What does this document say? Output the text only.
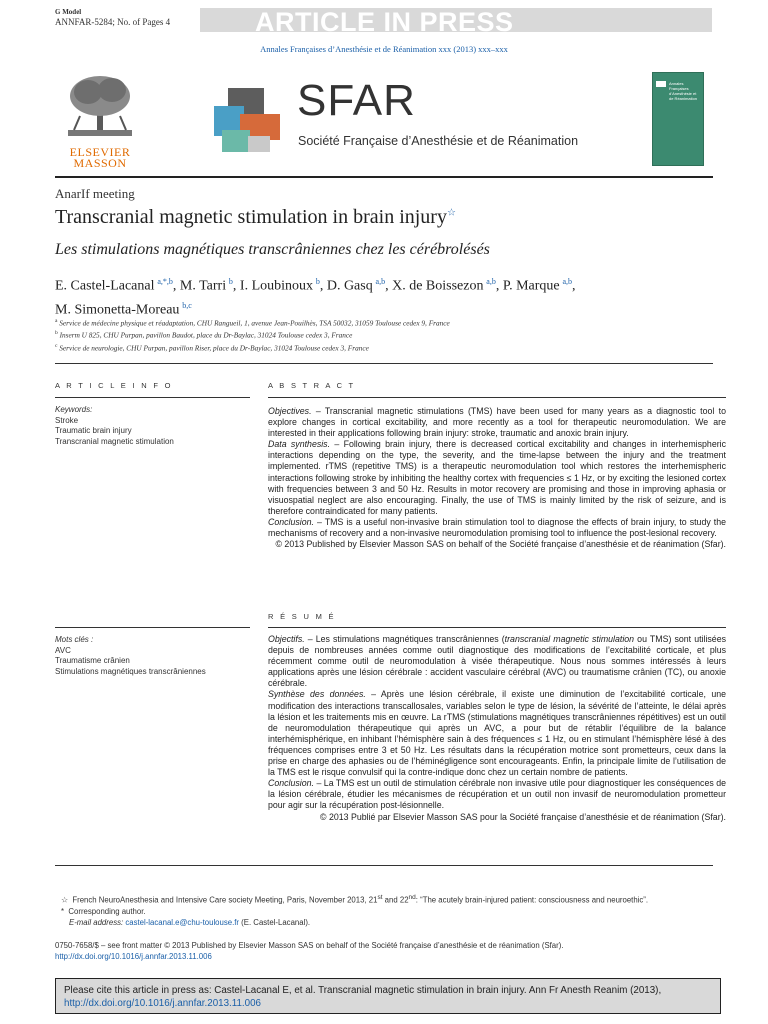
G Model
ANNFAR-5284; No. of Pages 4	ARTICLE IN PRESS
Annales Françaises d’Anesthésie et de Réanimation xxx (2013) xxx–xxx
ELSEVIER
MASSON
SFAR
Société Française d’Anesthésie et de Réanimation
Annales Françaises d’Anesthésie et de Réanimation
AnarIf meeting
Transcranial magnetic stimulation in brain injury☆
Les stimulations magnétiques transcrâniennes chez les cérébrolésés
E. Castel-Lacanal  $^{a,*,b}$, M. Tarri  $^b$, I. Loubinoux  $^b$, D. Gasq  $^{a,b}$, X. de Boissezon  $^{a,b}$, P. Marque  $^{a,b}$,
M. Simonetta-Moreau  $^{b,c}$
$^a$ Service de médecine physique et réadaptation, CHU Rangueil, 1, avenue Jean-Pouilhès, TSA 50032, 31059 Toulouse cedex 9, France
$^b$ Inserm U 825, CHU Purpan, pavillon Baudot, place du Dr-Baylac, 31024 Toulouse cedex 3, France
$^c$ Service de neurologie, CHU Purpan, pavillon Riser, place du Dr-Baylac, 31024 Toulouse cedex 3, France
A R T I C L E I N F O
Keywords:
Stroke
Traumatic brain injury
Transcranial magnetic stimulation
Mots clés :
AVC
Traumatisme crânien
Stimulations magnétiques transcrâniennes
A B S T R A C T

Objectives. – Transcranial magnetic stimulations (TMS) have been used for many years as a diagnostic tool to explore changes in cortical excitability, and more recently as a tool for therapeutic neuromodulation. We are interested in their applications following brain injury: stroke, traumatic and anoxic brain injury.

Data synthesis. – Following brain injury, there is decreased cortical excitability and changes in interhemispheric interactions depending on the type, the severity, and the time-lapse between the injury and the treatment implemented. rTMS (repetitive TMS) is a therapeutic neuromodulation tool which restores the interhemispheric interactions following stroke by inhibiting the healthy cortex with frequencies ≤ 1 Hz, or by exciting the lesioned cortex with frequencies between 3 and 50 Hz. Results in motor recovery are promising and those in improving aphasia or visuospatial neglect are also encouraging. Finally, the use of TMS is mainly limited by the risk of seizure, and is therefore contraindicated for many patients.

Conclusion. – TMS is a useful non-invasive brain stimulation tool to diagnose the effects of brain injury, to study the mechanisms of recovery and a non-invasive neuromodulation promising tool to influence the post-lesional recovery.

© 2013 Published by Elsevier Masson SAS on behalf of the Société française d’anesthésie et de réanimation (Sfar).

R É S U M É

Objectifs. – Les stimulations magnétiques transcrâniennes (transcranial magnetic stimulation ou TMS) sont utilisées depuis de nombreuses années comme outil diagnostique des modifications de l’excitabilité corticale, et plus récemment comme outil de neuromodulation à visée thérapeutique. Nous nous sommes intéressés à leurs applications après une lésion cérébrale : accident vasculaire cérébral (AVC) ou traumatisme crânien (TC), ou anoxie cérébrale.

Synthèse des données. – Après une lésion cérébrale, il existe une diminution de l’excitabilité corticale, une modification des interactions transcallosales, variables selon le type de lésion, la sévérité de l’atteinte, le délai après la lésion et les traitements mis en œuvre. La rTMS (stimulations magnétiques transcrâniennes répétitives) est un outil de neuromodulation thérapeutique qui après un AVC, a pour but de rétablir l’équilibre de la balance interhémisphérique, en inhibant l’hémisphère sain à des fréquences ≤ 1 Hz, ou en stimulant l’hémisphère lésé à des fréquences comprises entre 3 et 50 Hz. Les résultats dans la récupération motrice sont prometteurs, ceux dans la prise en charge des aphasies ou de l’héminégligence sont encourageants. Enfin, la principale limite de l’utilisation de la TMS est le risque convulsif qui la contre-indique donc chez un certain nombre de patients.

Conclusion. – La TMS est un outil de stimulation cérébrale non invasive utile pour diagnostiquer les conséquences de la lésion cérébrale, étudier les mécanismes de récupération et un outil non invasif de neuromodulation prometteur pour agir sur la récupération post-lésionnelle.

© 2013 Publié par Elsevier Masson SAS pour la Société française d’anesthésie et de réanimation (Sfar).

☆ French NeuroAnesthesia and Intensive Care society Meeting, Paris, November 2013, 21st and 22nd: “The acutely brain-injured patient: consciousness and neuroethic”.
* Corresponding author.
E-mail address: castel-lacanal.e@chu-toulouse.fr (E. Castel-Lacanal).
0750-7658/$ – see front matter © 2013 Published by Elsevier Masson SAS on behalf of the Société française d’anesthésie et de réanimation (Sfar).
http://dx.doi.org/10.1016/j.annfar.2013.11.006
Please cite this article in press as: Castel-Lacanal E, et al. Transcranial magnetic stimulation in brain injury. Ann Fr Anesth Reanim (2013), http://dx.doi.org/10.1016/j.annfar.2013.11.006
